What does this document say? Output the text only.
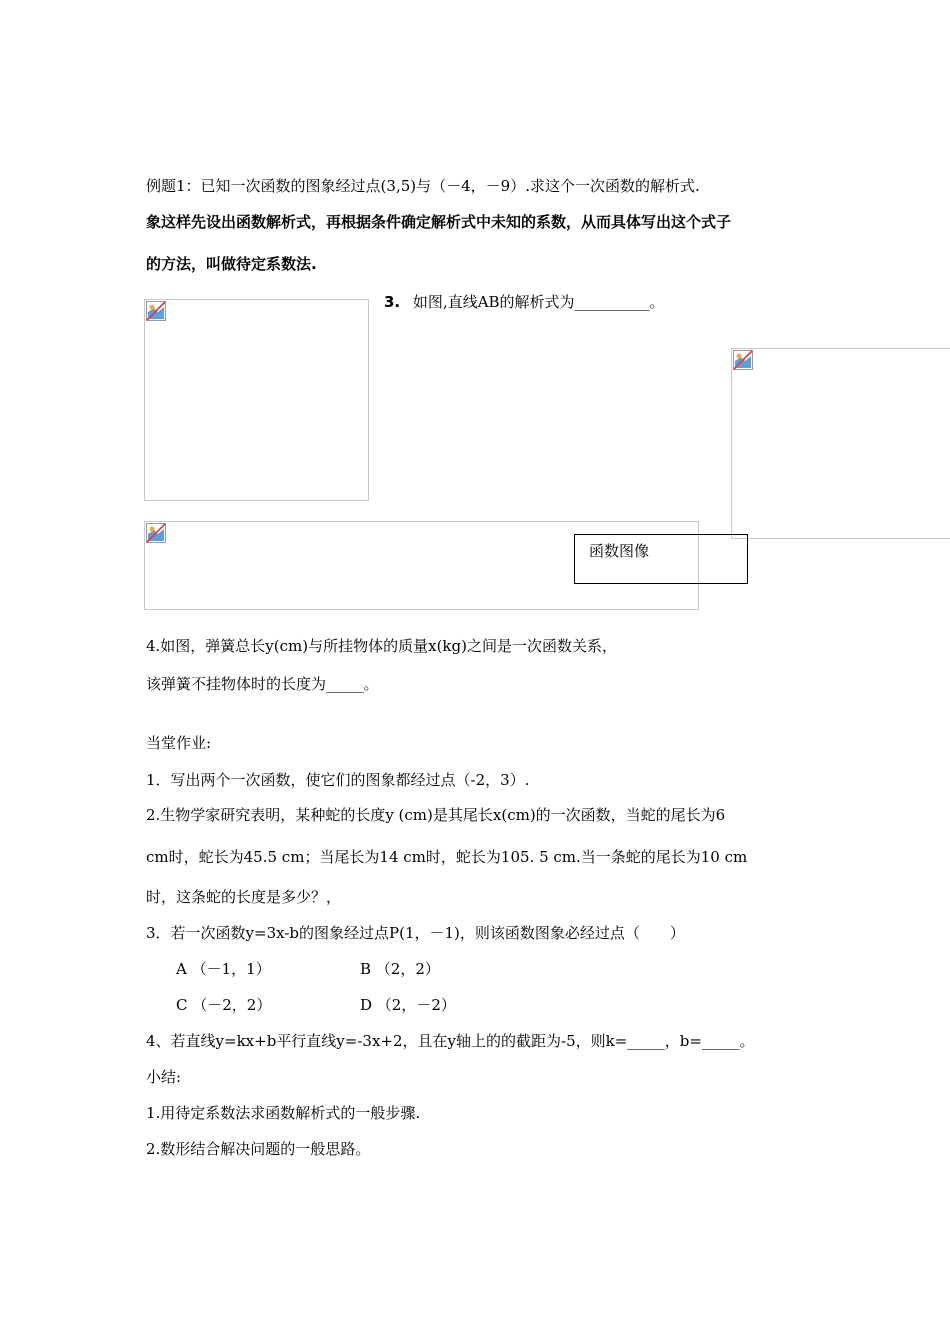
例题1：已知一次函数的图象经过点(3,5)与（－4，－9）.求这个一次函数的解析式.
象这样先设出函数解析式，再根据条件确定解析式中未知的系数，从而具体写出这个式子
的方法，叫做待定系数法.
3. 如图,直线AB的解析式为__________。
函数图像
4.如图，弹簧总长y(cm)与所挂物体的质量x(kg)之间是一次函数关系，
该弹簧不挂物体时的长度为_____。
当堂作业:
1．写出两个一次函数，使它们的图象都经过点（-2，3）.
2.生物学家研究表明，某种蛇的长度y (cm)是其尾长x(cm)的一次函数，当蛇的尾长为6
cm时，蛇长为45.5 cm；当尾长为14 cm时，蛇长为105. 5 cm.当一条蛇的尾长为10 cm
时，这条蛇的长度是多少？，
3．若一次函数y=3x-b的图象经过点P(1，－1)，则该函数图象必经过点（　　）
A （－1，1）	B （2，2）
C （－2，2）	D （2，－2）
4、若直线y=kx+b平行直线y=-3x+2，且在y轴上的的截距为-5，则k=_____，b=_____。
小结:
1.用待定系数法求函数解析式的一般步骤.
2.数形结合解决问题的一般思路。
